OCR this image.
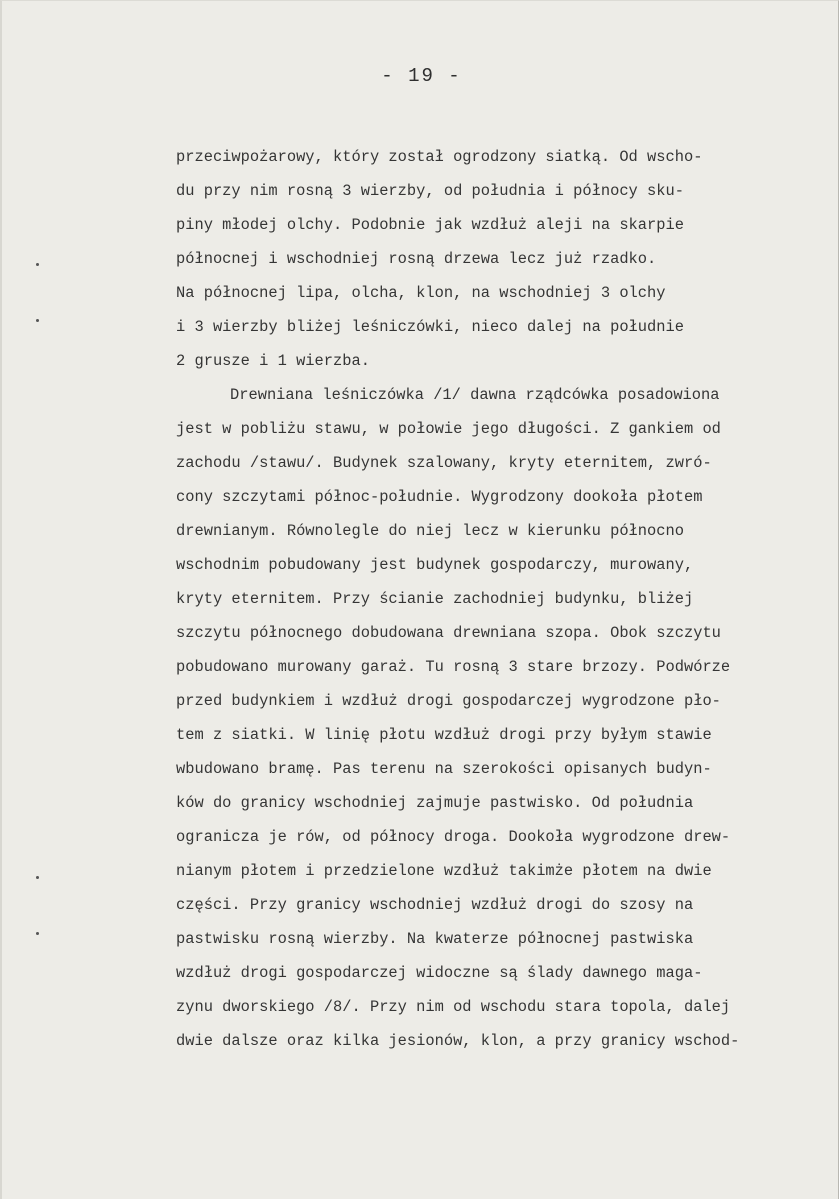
- 19 -
przeciwpożarowy, który został ogrodzony siatką. Od wscho-
du przy nim rosną 3 wierzby, od południa i północy sku-
piny młodej olchy. Podobnie jak wzdłuż aleji na skarpie
północnej i wschodniej rosną drzewa lecz już rzadko.
Na północnej lipa, olcha, klon, na wschodniej 3 olchy
i 3 wierzby bliżej leśniczówki, nieco dalej na południe
2 grusze i 1 wierzba.
Drewniana leśniczówka /1/ dawna rządcówka posadowiona
jest w pobliżu stawu, w połowie jego długości. Z gankiem od
zachodu /stawu/. Budynek szalowany, kryty eternitem, zwró-
cony szczytami północ-południe. Wygrodzony dookoła płotem
drewnianym. Równolegle do niej lecz w kierunku północno
wschodnim pobudowany jest budynek gospodarczy, murowany,
kryty eternitem. Przy ścianie zachodniej budynku, bliżej
szczytu północnego dobudowana drewniana szopa. Obok szczytu
pobudowano murowany garaż. Tu rosną 3 stare brzozy. Podwórze
przed budynkiem i wzdłuż drogi gospodarczej wygrodzone pło-
tem z siatki. W linię płotu wzdłuż drogi przy byłym stawie
wbudowano bramę. Pas terenu na szerokości opisanych budyn-
ków do granicy wschodniej zajmuje pastwisko. Od południa
ogranicza je rów, od północy droga. Dookoła wygrodzone drew-
nianym płotem i przedzielone wzdłuż takimże płotem na dwie
części. Przy granicy wschodniej wzdłuż drogi do szosy na
pastwisku rosną wierzby. Na kwaterze północnej pastwiska
wzdłuż drogi gospodarczej widoczne są ślady dawnego maga-
zynu dworskiego /8/. Przy nim od wschodu stara topola, dalej
dwie dalsze oraz kilka jesionów, klon, a przy granicy wschod-
